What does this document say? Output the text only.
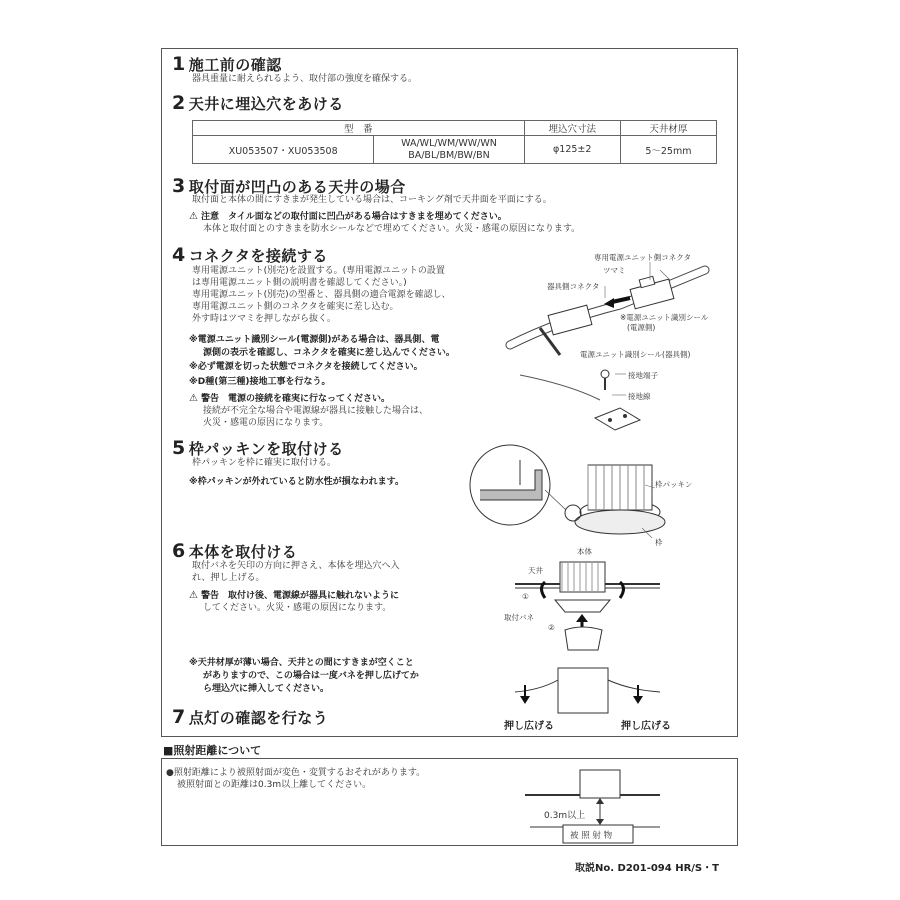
1 施工前の確認
器具重量に耐えられるよう、取付部の強度を確保する。
2 天井に埋込穴をあける
型　番		埋込穴寸法	天井材厚
XU053507・XU053508	WA/WL/WM/WW/WN
BA/BL/BM/BW/BN	φ125±2	5〜25mm
3 取付面が凹凸のある天井の場合
取付面と本体の間にすきまが発生している場合は、コーキング剤で天井面を平面にする。
⚠ 注意　タイル面などの取付面に凹凸がある場合はすきまを埋めてください。
本体と取付面とのすきまを防水シールなどで埋めてください。火災・感電の原因になります。
4 コネクタを接続する
専用電源ユニット(別売)を設置する。(専用電源ユニットの設置
は専用電源ユニット側の説明書を確認してください。)
専用電源ユニット(別売)の型番と、器具側の適合電源を確認し、
専用電源ユニット側のコネクタを確実に差し込む。
外す時はツマミを押しながら抜く。
※電源ユニット識別シール(電源側)がある場合は、器具側、電
源側の表示を確認し、コネクタを確実に差し込んでください。
※必ず電源を切った状態でコネクタを接続してください。
※D種(第三種)接地工事を行なう。
⚠ 警告　電源の接続を確実に行なってください。
接続が不完全な場合や電源線が器具に接触した場合は、
火災・感電の原因になります。
専用電源ユニット側コネクタ
ツマミ
器具側コネクタ
※電源ユニット識別シール
(電源側)
電源ユニット識別シール(器具側)
接地端子
接地線
5 枠パッキンを取付ける
枠パッキンを枠に確実に取付ける。
※枠パッキンが外れていると防水性が損なわれます。	枠パッキン
枠
6 本体を取付ける
取付バネを矢印の方向に押さえ、本体を埋込穴へ入
れ、押し上げる。
⚠ 警告　取付け後、電源線が器具に触れないように
してください。火災・感電の原因になります。
※天井材厚が薄い場合、天井との間にすきまが空くこと
がありますので、この場合は一度バネを押し広げてか
ら埋込穴に挿入してください。
本体
天井
①
取付バネ
②
押し広げる	押し広げる
7 点灯の確認を行なう
■照射距離について
●照射距離により被照射面が変色・変質するおそれがあります。
被照射面との距離は0.3m以上離してください。
0.3m以上
被 照 射 物
取説No. D201-094 HR/S・T
